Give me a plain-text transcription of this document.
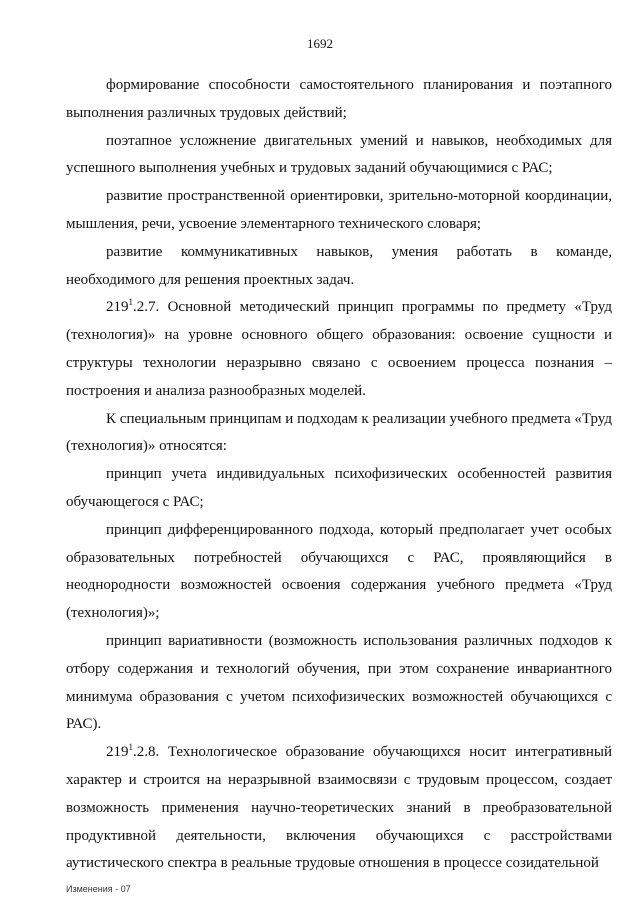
1692

формирование способности самостоятельного планирования и поэтапного выполнения различных трудовых действий;

поэтапное усложнение двигательных умений и навыков, необходимых для успешного выполнения учебных и трудовых заданий обучающимися с РАС;

развитие пространственной ориентировки, зрительно-моторной координации, мышления, речи, усвоение элементарного технического словаря;

развитие коммуникативных навыков, умения работать в команде, необходимого для решения проектных задач.

$219^1.2.7$. Основной методический принцип программы по предмету «Труд (технология)» на уровне основного общего образования: освоение сущности и структуры технологии неразрывно связано с освоением процесса познания – построения и анализа разнообразных моделей.

К специальным принципам и подходам к реализации учебного предмета «Труд (технология)» относятся:

принцип учета индивидуальных психофизических особенностей развития обучающегося с РАС;

принцип дифференцированного подхода, который предполагает учет особых образовательных потребностей обучающихся с РАС, проявляющийся в неоднородности возможностей освоения содержания учебного предмета «Труд (технология)»;

принцип вариативности (возможность использования различных подходов к отбору содержания и технологий обучения, при этом сохранение инвариантного минимума образования с учетом психофизических возможностей обучающихся с РАС).

$219^1.2.8$. Технологическое образование обучающихся носит интегративный характер и строится на неразрывной взаимосвязи с трудовым процессом, создает возможность применения научно-теоретических знаний в преобразовательной продуктивной деятельности, включения обучающихся с расстройствами аутистического спектра в реальные трудовые отношения в процессе созидательной

Изменения - 07
